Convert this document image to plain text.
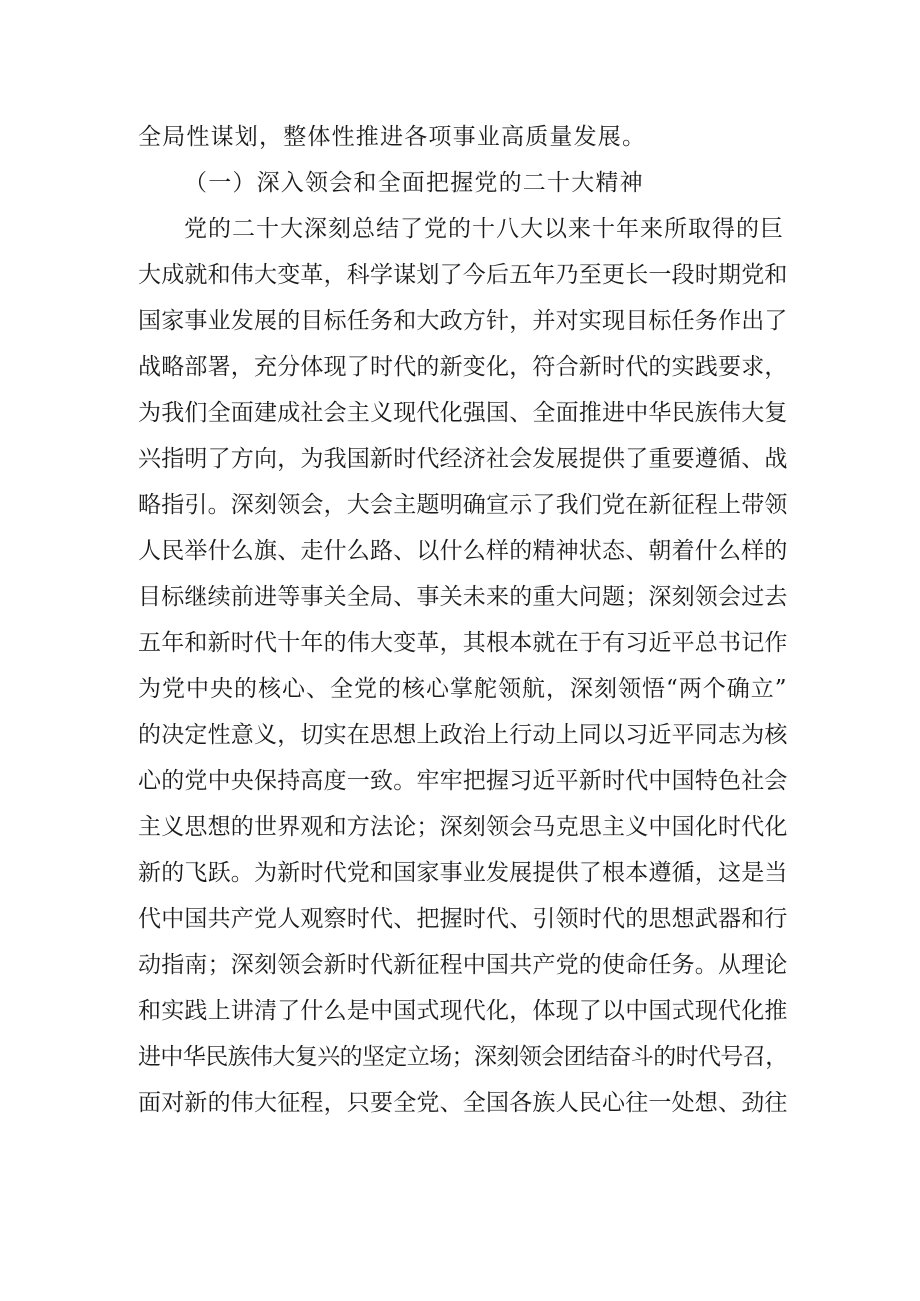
全局性谋划，整体性推进各项事业高质量发展。
（一）深入领会和全面把握党的二十大精神
党的二十大深刻总结了党的十八大以来十年来所取得的巨
大成就和伟大变革，科学谋划了今后五年乃至更长一段时期党和
国家事业发展的目标任务和大政方针，并对实现目标任务作出了
战略部署，充分体现了时代的新变化，符合新时代的实践要求，
为我们全面建成社会主义现代化强国、全面推进中华民族伟大复
兴指明了方向，为我国新时代经济社会发展提供了重要遵循、战
略指引。深刻领会，大会主题明确宣示了我们党在新征程上带领
人民举什么旗、走什么路、以什么样的精神状态、朝着什么样的
目标继续前进等事关全局、事关未来的重大问题；深刻领会过去
五年和新时代十年的伟大变革，其根本就在于有习近平总书记作
为党中央的核心、全党的核心掌舵领航，深刻领悟“两个确立”
的决定性意义，切实在思想上政治上行动上同以习近平同志为核
心的党中央保持高度一致。牢牢把握习近平新时代中国特色社会
主义思想的世界观和方法论；深刻领会马克思主义中国化时代化
新的飞跃。为新时代党和国家事业发展提供了根本遵循，这是当
代中国共产党人观察时代、把握时代、引领时代的思想武器和行
动指南；深刻领会新时代新征程中国共产党的使命任务。从理论
和实践上讲清了什么是中国式现代化，体现了以中国式现代化推
进中华民族伟大复兴的坚定立场；深刻领会团结奋斗的时代号召，
面对新的伟大征程，只要全党、全国各族人民心往一处想、劲往
